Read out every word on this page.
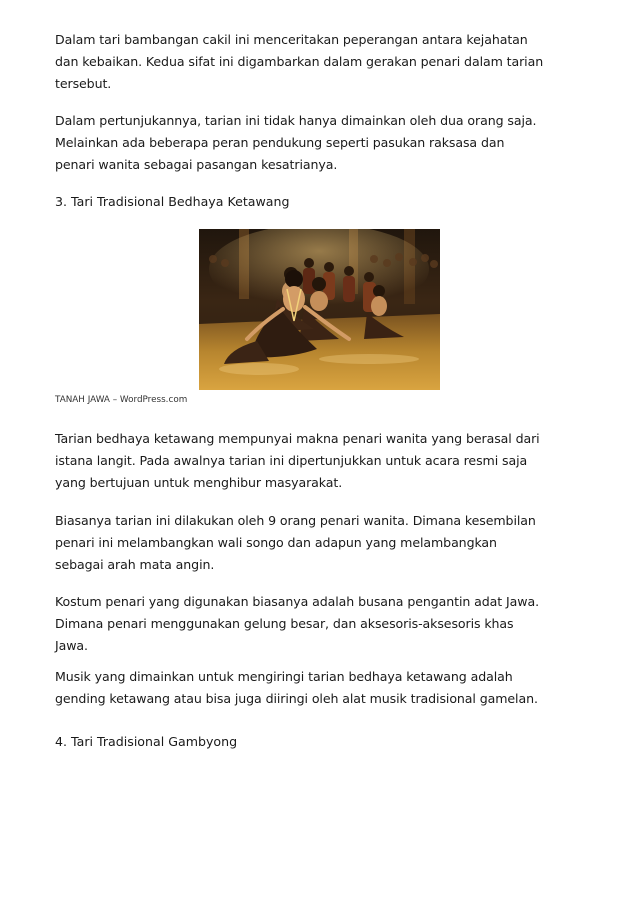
Dalam tari bambangan cakil ini menceritakan peperangan antara kejahatan
dan kebaikan. Kedua sifat ini digambarkan dalam gerakan penari dalam tarian
tersebut.

Dalam pertunjukannya, tarian ini tidak hanya dimainkan oleh dua orang saja.
Melainkan ada beberapa peran pendukung seperti pasukan raksasa dan
penari wanita sebagai pasangan kesatrianya.

3. Tari Tradisional Bedhaya Ketawang
TANAH JAWA – WordPress.com

Tarian bedhaya ketawang mempunyai makna penari wanita yang berasal dari
istana langit. Pada awalnya tarian ini dipertunjukkan untuk acara resmi saja
yang bertujuan untuk menghibur masyarakat.

Biasanya tarian ini dilakukan oleh 9 orang penari wanita. Dimana kesembilan
penari ini melambangkan wali songo dan adapun yang melambangkan
sebagai arah mata angin.

Kostum penari yang digunakan biasanya adalah busana pengantin adat Jawa.
Dimana penari menggunakan gelung besar, dan aksesoris-aksesoris khas
Jawa.

Musik yang dimainkan untuk mengiringi tarian bedhaya ketawang adalah
gending ketawang atau bisa juga diiringi oleh alat musik tradisional gamelan.

4. Tari Tradisional Gambyong
